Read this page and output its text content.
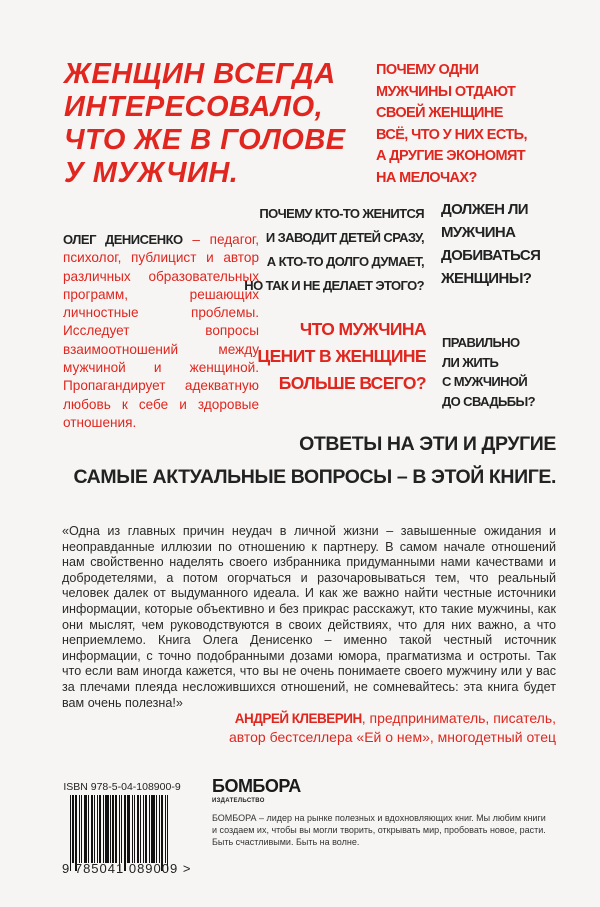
ЖЕНЩИН ВСЕГДА
ИНТЕРЕСОВАЛО,
ЧТО ЖЕ В ГОЛОВЕ
У МУЖЧИН.
ПОЧЕМУ ОДНИ
МУЖЧИНЫ ОТДАЮТ
СВОЕЙ ЖЕНЩИНЕ
ВСЁ, ЧТО У НИХ ЕСТЬ,
А ДРУГИЕ ЭКОНОМЯТ
НА МЕЛОЧАХ?
ПОЧЕМУ КТО-ТО ЖЕНИТСЯ
И ЗАВОДИТ ДЕТЕЙ СРАЗУ,
А КТО-ТО ДОЛГО ДУМАЕТ,
НО ТАК И НЕ ДЕЛАЕТ ЭТОГО?
ДОЛЖЕН ЛИ
МУЖЧИНА
ДОБИВАТЬСЯ
ЖЕНЩИНЫ?
ЧТО МУЖЧИНА
ЦЕНИТ В ЖЕНЩИНЕ
БОЛЬШЕ ВСЕГО?
ПРАВИЛЬНО
ЛИ ЖИТЬ
С МУЖЧИНОЙ
ДО СВАДЬБЫ?
ОЛЕГ ДЕНИСЕНКО – педагог, психолог, публицист и автор различных образовательных программ, решающих личностные проблемы. Исследует вопросы взаимоотношений между мужчиной и женщиной. Пропагандирует адекватную любовь к себе и здоровые отношения.
ОТВЕТЫ НА ЭТИ И ДРУГИЕ
САМЫЕ АКТУАЛЬНЫЕ ВОПРОСЫ – В ЭТОЙ КНИГЕ.
«Одна из главных причин неудач в личной жизни – завышенные ожидания и неоправданные иллюзии по отношению к партнеру. В самом начале отношений нам свойственно наделять своего избранника придуманными нами качествами и добродетелями, а потом огорчаться и разочаровываться тем, что реальный человек далек от выдуманного идеала. И как же важно найти честные источники информации, которые объективно и без прикрас расскажут, кто такие мужчины, как они мыслят, чем руководствуются в своих действиях, что для них важно, а что неприемлемо. Книга Олега Денисенко – именно такой честный источник информации, с точно подобранными дозами юмора, прагматизма и остроты. Так что если вам иногда кажется, что вы не очень понимаете своего мужчину или у вас за плечами плеяда несложившихся отношений, не сомневайтесь: эта книга будет вам очень полезна!»
АНДРЕЙ КЛЕВЕРИН, предприниматель, писатель,
автор бестселлера «Ей о нем», многодетный отец
ISBN 978-5-04-108900-9
9 785041 089009 >
БОМБОРА
ИЗДАТЕЛЬСТВО
БОМБОРА – лидер на рынке полезных и вдохновляющих книг. Мы любим книги и создаем их, чтобы вы могли творить, открывать мир, пробовать новое, расти. Быть счастливыми. Быть на волне.
